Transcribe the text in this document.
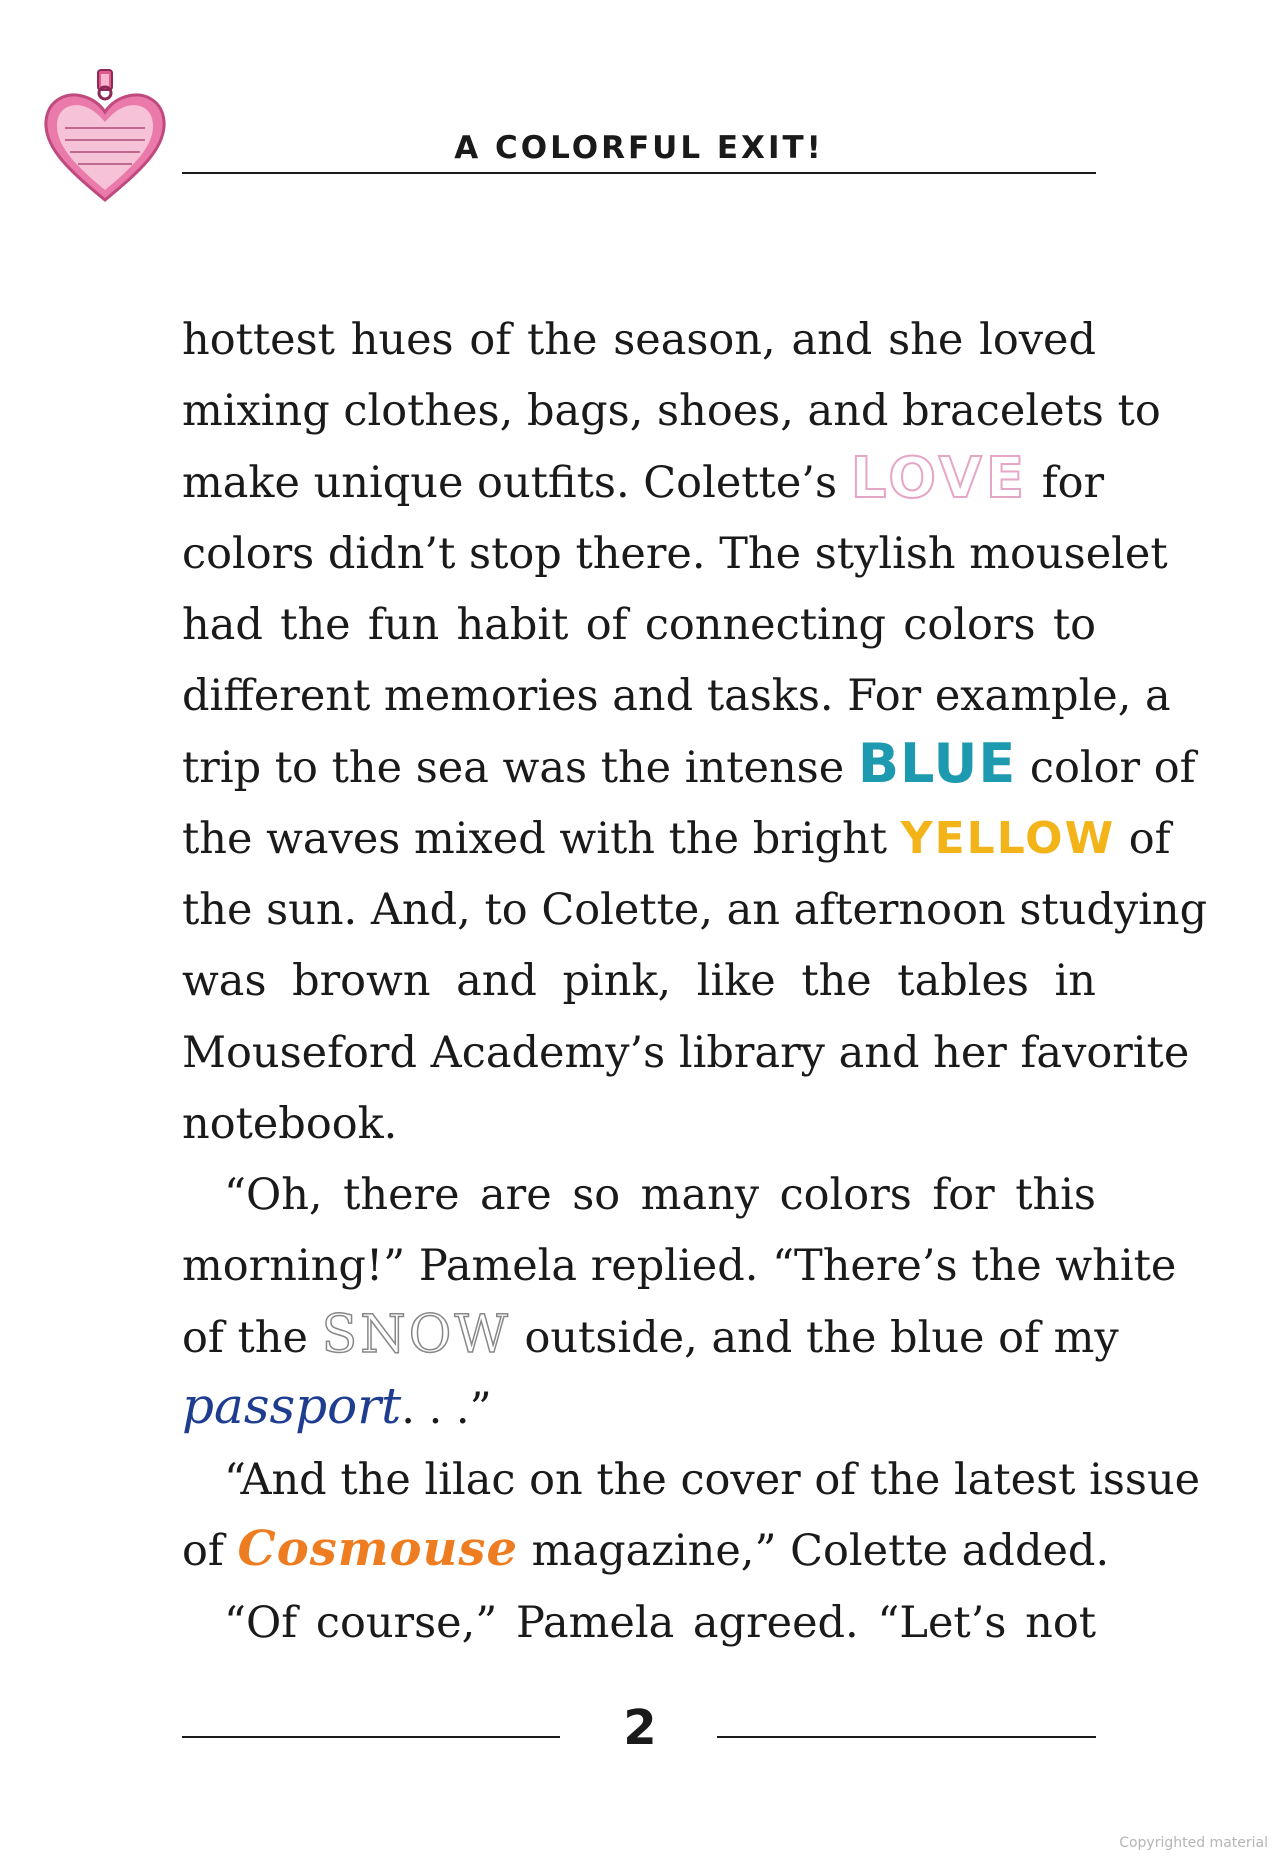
A COLORFUL EXIT!
hottest hues of the season, and she loved
mixing clothes, bags, shoes, and bracelets to
make unique outfits. Colette’s LOVE for
colors didn’t stop there. The stylish mouselet
had the fun habit of connecting colors to
different memories and tasks. For example, a
trip to the sea was the intense BLUE color of
the waves mixed with the bright YELLOW of
the sun. And, to Colette, an afternoon studying
was brown and pink, like the tables in
Mouseford Academy’s library and her favorite
notebook.
“Oh, there are so many colors for this
morning!” Pamela replied. “There’s the white
of the SNOW outside, and the blue of my
passport. . .”
“And the lilac on the cover of the latest issue
of Cosmouse magazine,” Colette added.
“Of course,” Pamela agreed. “Let’s not
2
Copyrighted material
